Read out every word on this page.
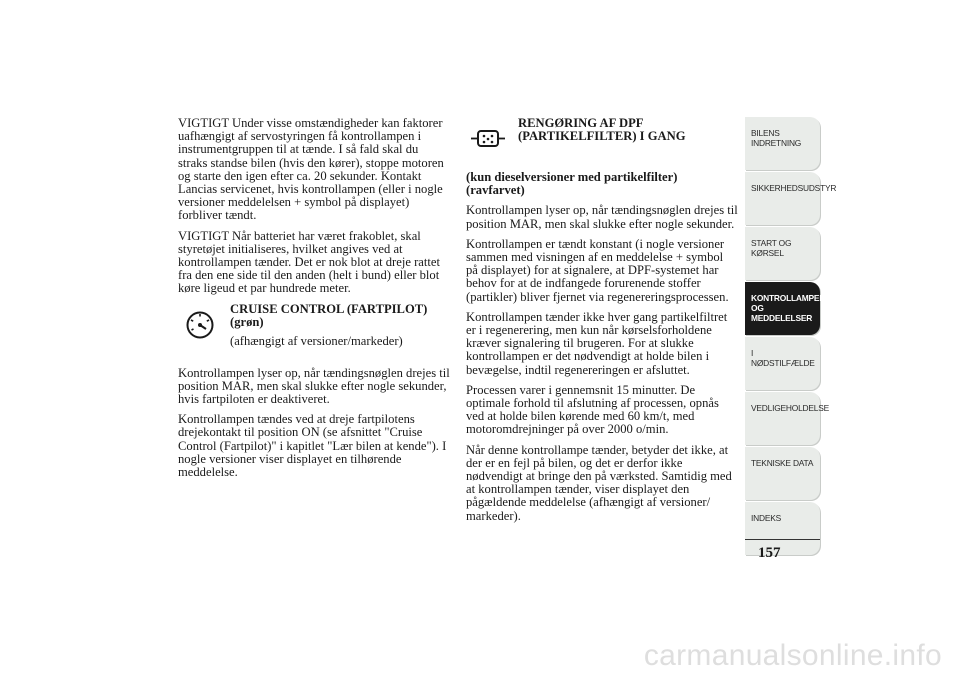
VIGTIGT Under visse omstændigheder kan faktorer uafhængigt af servostyringen få kontrollampen i instrumentgruppen til at tænde. I så fald skal du straks standse bilen (hvis den kører), stoppe motoren og starte den igen efter ca. 20 sekunder. Kontakt Lancias servicenet, hvis kontrollampen (eller i nogle versioner meddelelsen + symbol på displayet) forbliver tændt.

VIGTIGT Når batteriet har været frakoblet, skal styretøjet initialiseres, hvilket angives ved at kontrollampen tænder. Det er nok blot at dreje rattet fra den ene side til den anden (helt i bund) eller blot køre ligeud et par hundrede meter.

CRUISE CONTROL (FARTPILOT) (grøn)
(afhængigt af versioner/markeder)

Kontrollampen lyser op, når tændingsnøglen drejes til position MAR, men skal slukke efter nogle sekunder, hvis fartpiloten er deaktiveret.

Kontrollampen tændes ved at dreje fartpilotens drejekontakt til position ON (se afsnittet "Cruise Control (Fartpilot)" i kapitlet "Lær bilen at kende"). I nogle versioner viser displayet en tilhørende meddelelse.

RENGØRING AF DPF (PARTIKELFILTER) I GANG

(kun dieselversioner med partikelfilter) (ravfarvet)

Kontrollampen lyser op, når tændingsnøglen drejes til position MAR, men skal slukke efter nogle sekunder.

Kontrollampen er tændt konstant (i nogle versioner sammen med visningen af en meddelelse + symbol på displayet) for at signalere, at DPF-systemet har behov for at de indfangede forurenende stoffer (partikler) bliver fjernet via regenereringsprocessen.

Kontrollampen tænder ikke hver gang partikelfiltret er i regenerering, men kun når kørselsforholdene kræver signalering til brugeren. For at slukke kontrollampen er det nødvendigt at holde bilen i bevægelse, indtil regenereringen er afsluttet.

Processen varer i gennemsnit 15 minutter. De optimale forhold til afslutning af processen, opnås ved at holde bilen kørende med 60 km/t, med motoromdrejninger på over 2000 o/min.

Når denne kontrollampe tænder, betyder det ikke, at der er en fejl på bilen, og det er derfor ikke nødvendigt at bringe den på værksted. Samtidig med at kontrollampen tænder, viser displayet den pågældende meddelelse (afhængigt af versioner/ markeder).

BILENS
INDRETNING
SIKKERHEDSUDSTYR
START OG KØRSEL
KONTROLLAMPER
OG MEDDELELSER
I NØDSTILFÆLDE
VEDLIGEHOLDELSE
TEKNISKE DATA
INDEKS
157
carmanualsonline.info
